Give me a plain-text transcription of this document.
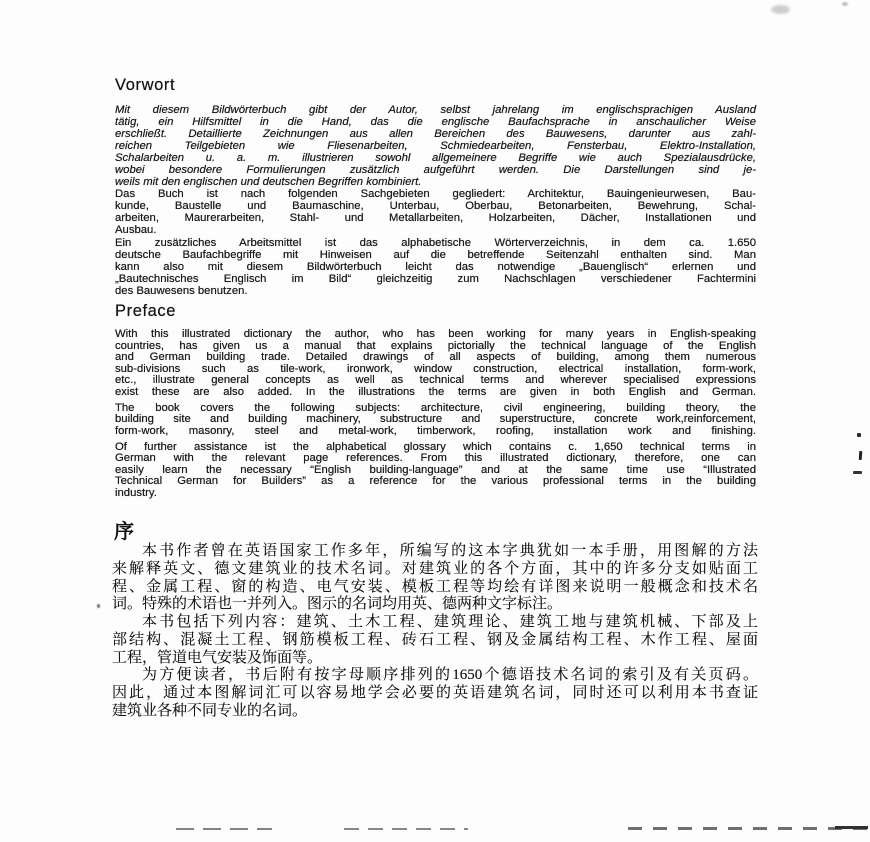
Vorwort
Mit diesem Bildwörterbuch gibt der Autor, selbst jahrelang im englischsprachigen Ausland
tätig, ein Hilfsmittel in die Hand, das die englische Baufachsprache in anschaulicher Weise
erschließt. Detaillierte Zeichnungen aus allen Bereichen des Bauwesens, darunter aus zahl-
reichen Teilgebieten wie Fliesenarbeiten, Schmiedearbeiten, Fensterbau, Elektro-Installation,
Schalarbeiten u. a. m. illustrieren sowohl allgemeinere Begriffe wie auch Spezialausdrücke,
wobei besondere Formulierungen zusätzlich aufgeführt werden. Die Darstellungen sind je-
weils mit den englischen und deutschen Begriffen kombiniert.
Das Buch ist nach folgenden Sachgebieten gegliedert: Architektur, Bauingenieurwesen, Bau-
kunde, Baustelle und Baumaschine, Unterbau, Oberbau, Betonarbeiten, Bewehrung, Schal-
arbeiten, Maurerarbeiten, Stahl- und Metallarbeiten, Holzarbeiten, Dächer, Installationen und
Ausbau.
Ein zusätzliches Arbeitsmittel ist das alphabetische Wörterverzeichnis, in dem ca. 1.650
deutsche Baufachbegriffe mit Hinweisen auf die betreffende Seitenzahl enthalten sind. Man
kann also mit diesem Bildwörterbuch leicht das notwendige „Bauenglisch“ erlernen und
„Bautechnisches Englisch im Bild“ gleichzeitig zum Nachschlagen verschiedener Fachtermini
des Bauwesens benutzen.
Preface
With this illustrated dictionary the author, who has been working for many years in English-speaking
countries, has given us a manual that explains pictorially the technical language of the English
and German building trade. Detailed drawings of all aspects of building, among them numerous
sub-divisions such as tile-work, ironwork, window construction, electrical installation, form-work,
etc., illustrate general concepts as well as technical terms and wherever specialised expressions
exist these are also added. In the illustrations the terms are given in both English and German.
The book covers the following subjects: architecture, civil engineering, building theory, the
building site and building machinery, substructure and superstructure, concrete work,reinforcement,
form-work, masonry, steel and metal-work, timberwork, roofing, installation work and finishing.
Of further assistance ist the alphabetical glossary which contains c. 1,650 technical terms in
German with the relevant page references. From this illustrated dictionary, therefore, one can
easily learn the necessary “English building-language” and at the same time use “Illustrated
Technical German for Builders” as a reference for the various professional terms in the building
industry.
序
本书作者曾在英语国家工作多年，所编写的这本字典犹如一本手册，用图解的方法
来解释英文、德文建筑业的技术名词。对建筑业的各个方面，其中的许多分支如贴面工
程、金属工程、窗的构造、电气安装、模板工程等均绘有详图来说明一般概念和技术名
词。特殊的术语也一并列入。图示的名词均用英、德两种文字标注。
本书包括下列内容：建筑、土木工程、建筑理论、建筑工地与建筑机械、下部及上
部结构、混凝土工程、钢筋模板工程、砖石工程、钢及金属结构工程、木作工程、屋面
工程，管道电气安装及饰面等。
为方便读者，书后附有按字母顺序排列的1650个德语技术名词的索引及有关页码。
因此，通过本图解词汇可以容易地学会必要的英语建筑名词，同时还可以利用本书查证
建筑业各种不同专业的名词。
